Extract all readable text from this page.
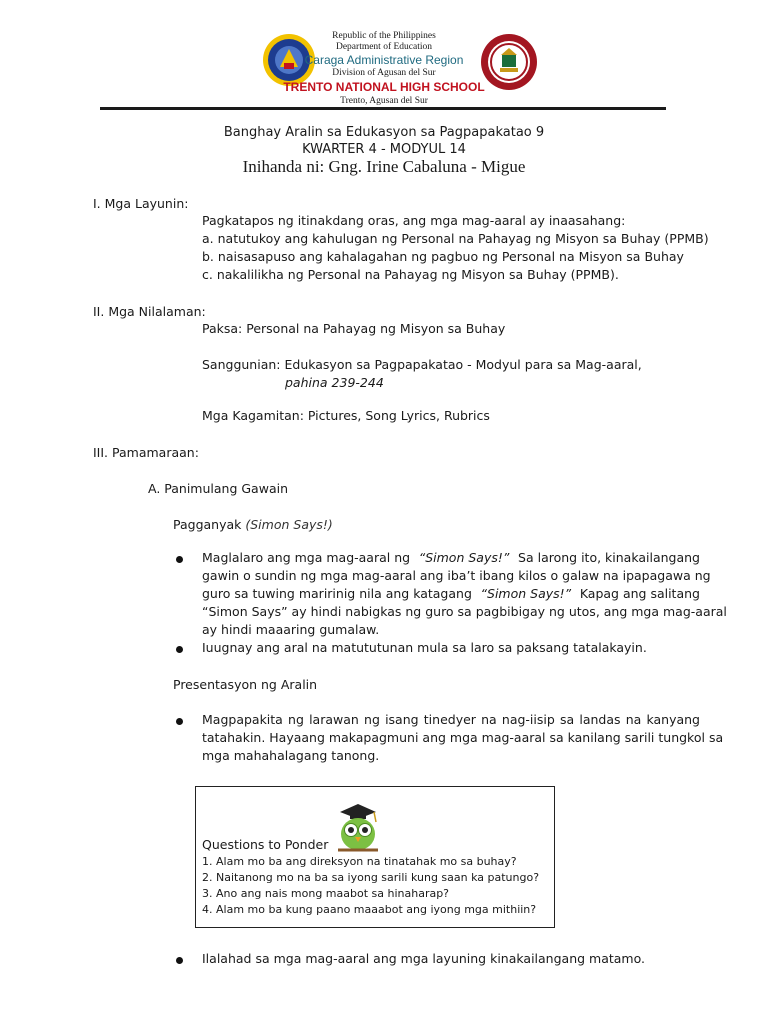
Republic of the Philippines
Department of Education
Caraga Administrative Region
Division of Agusan del Sur
TRENTO NATIONAL HIGH SCHOOL
Trento, Agusan del Sur
Banghay Aralin sa Edukasyon sa Pagpapakatao 9
KWARTER 4 - MODYUL 14
Inihanda ni: Gng. Irine Cabaluna - Migue
I. Mga Layunin:
Pagkatapos ng itinakdang oras, ang mga mag-aaral ay inaasahang:
a. natutukoy ang kahulugan ng Personal na Pahayag ng Misyon sa Buhay (PPMB)
b. naisasapuso ang kahalagahan ng pagbuo ng Personal na Misyon sa Buhay
c. nakalilikha ng Personal na Pahayag ng Misyon sa Buhay (PPMB).
II. Mga Nilalaman:
Paksa: Personal na Pahayag ng Misyon sa Buhay
Sanggunian: Edukasyon sa Pagpapakatao - Modyul para sa Mag-aaral,
pahina 239-244
Mga Kagamitan: Pictures, Song Lyrics, Rubrics
III. Pamamaraan:
A. Panimulang Gawain
Pagganyak (Simon Says!)
Maglalaro ang mga mag-aaral ng “Simon Says!” Sa larong ito, kinakailangang
gawin o sundin ng mga mag-aaral ang iba’t ibang kilos o galaw na ipapagawa ng
guro sa tuwing maririnig nila ang katagang “Simon Says!” Kapag ang salitang
“Simon Says” ay hindi nabigkas ng guro sa pagbibigay ng utos, ang mga mag-aaral
ay hindi maaaring gumalaw.
Iuugnay ang aral na matututunan mula sa laro sa paksang tatalakayin.
Presentasyon ng Aralin
Magpapakita ng larawan ng isang tinedyer na nag-iisip sa landas na kanyang
tatahakin. Hayaang makapagmuni ang mga mag-aaral sa kanilang sarili tungkol sa
mga mahahalagang tanong.
Questions to Ponder
1. Alam mo ba ang direksyon na tinatahak mo sa buhay?
2. Naitanong mo na ba sa iyong sarili kung saan ka patungo?
3. Ano ang nais mong maabot sa hinaharap?
4. Alam mo ba kung paano maaabot ang iyong mga mithiin?
Ilalahad sa mga mag-aaral ang mga layuning kinakailangang matamo.
